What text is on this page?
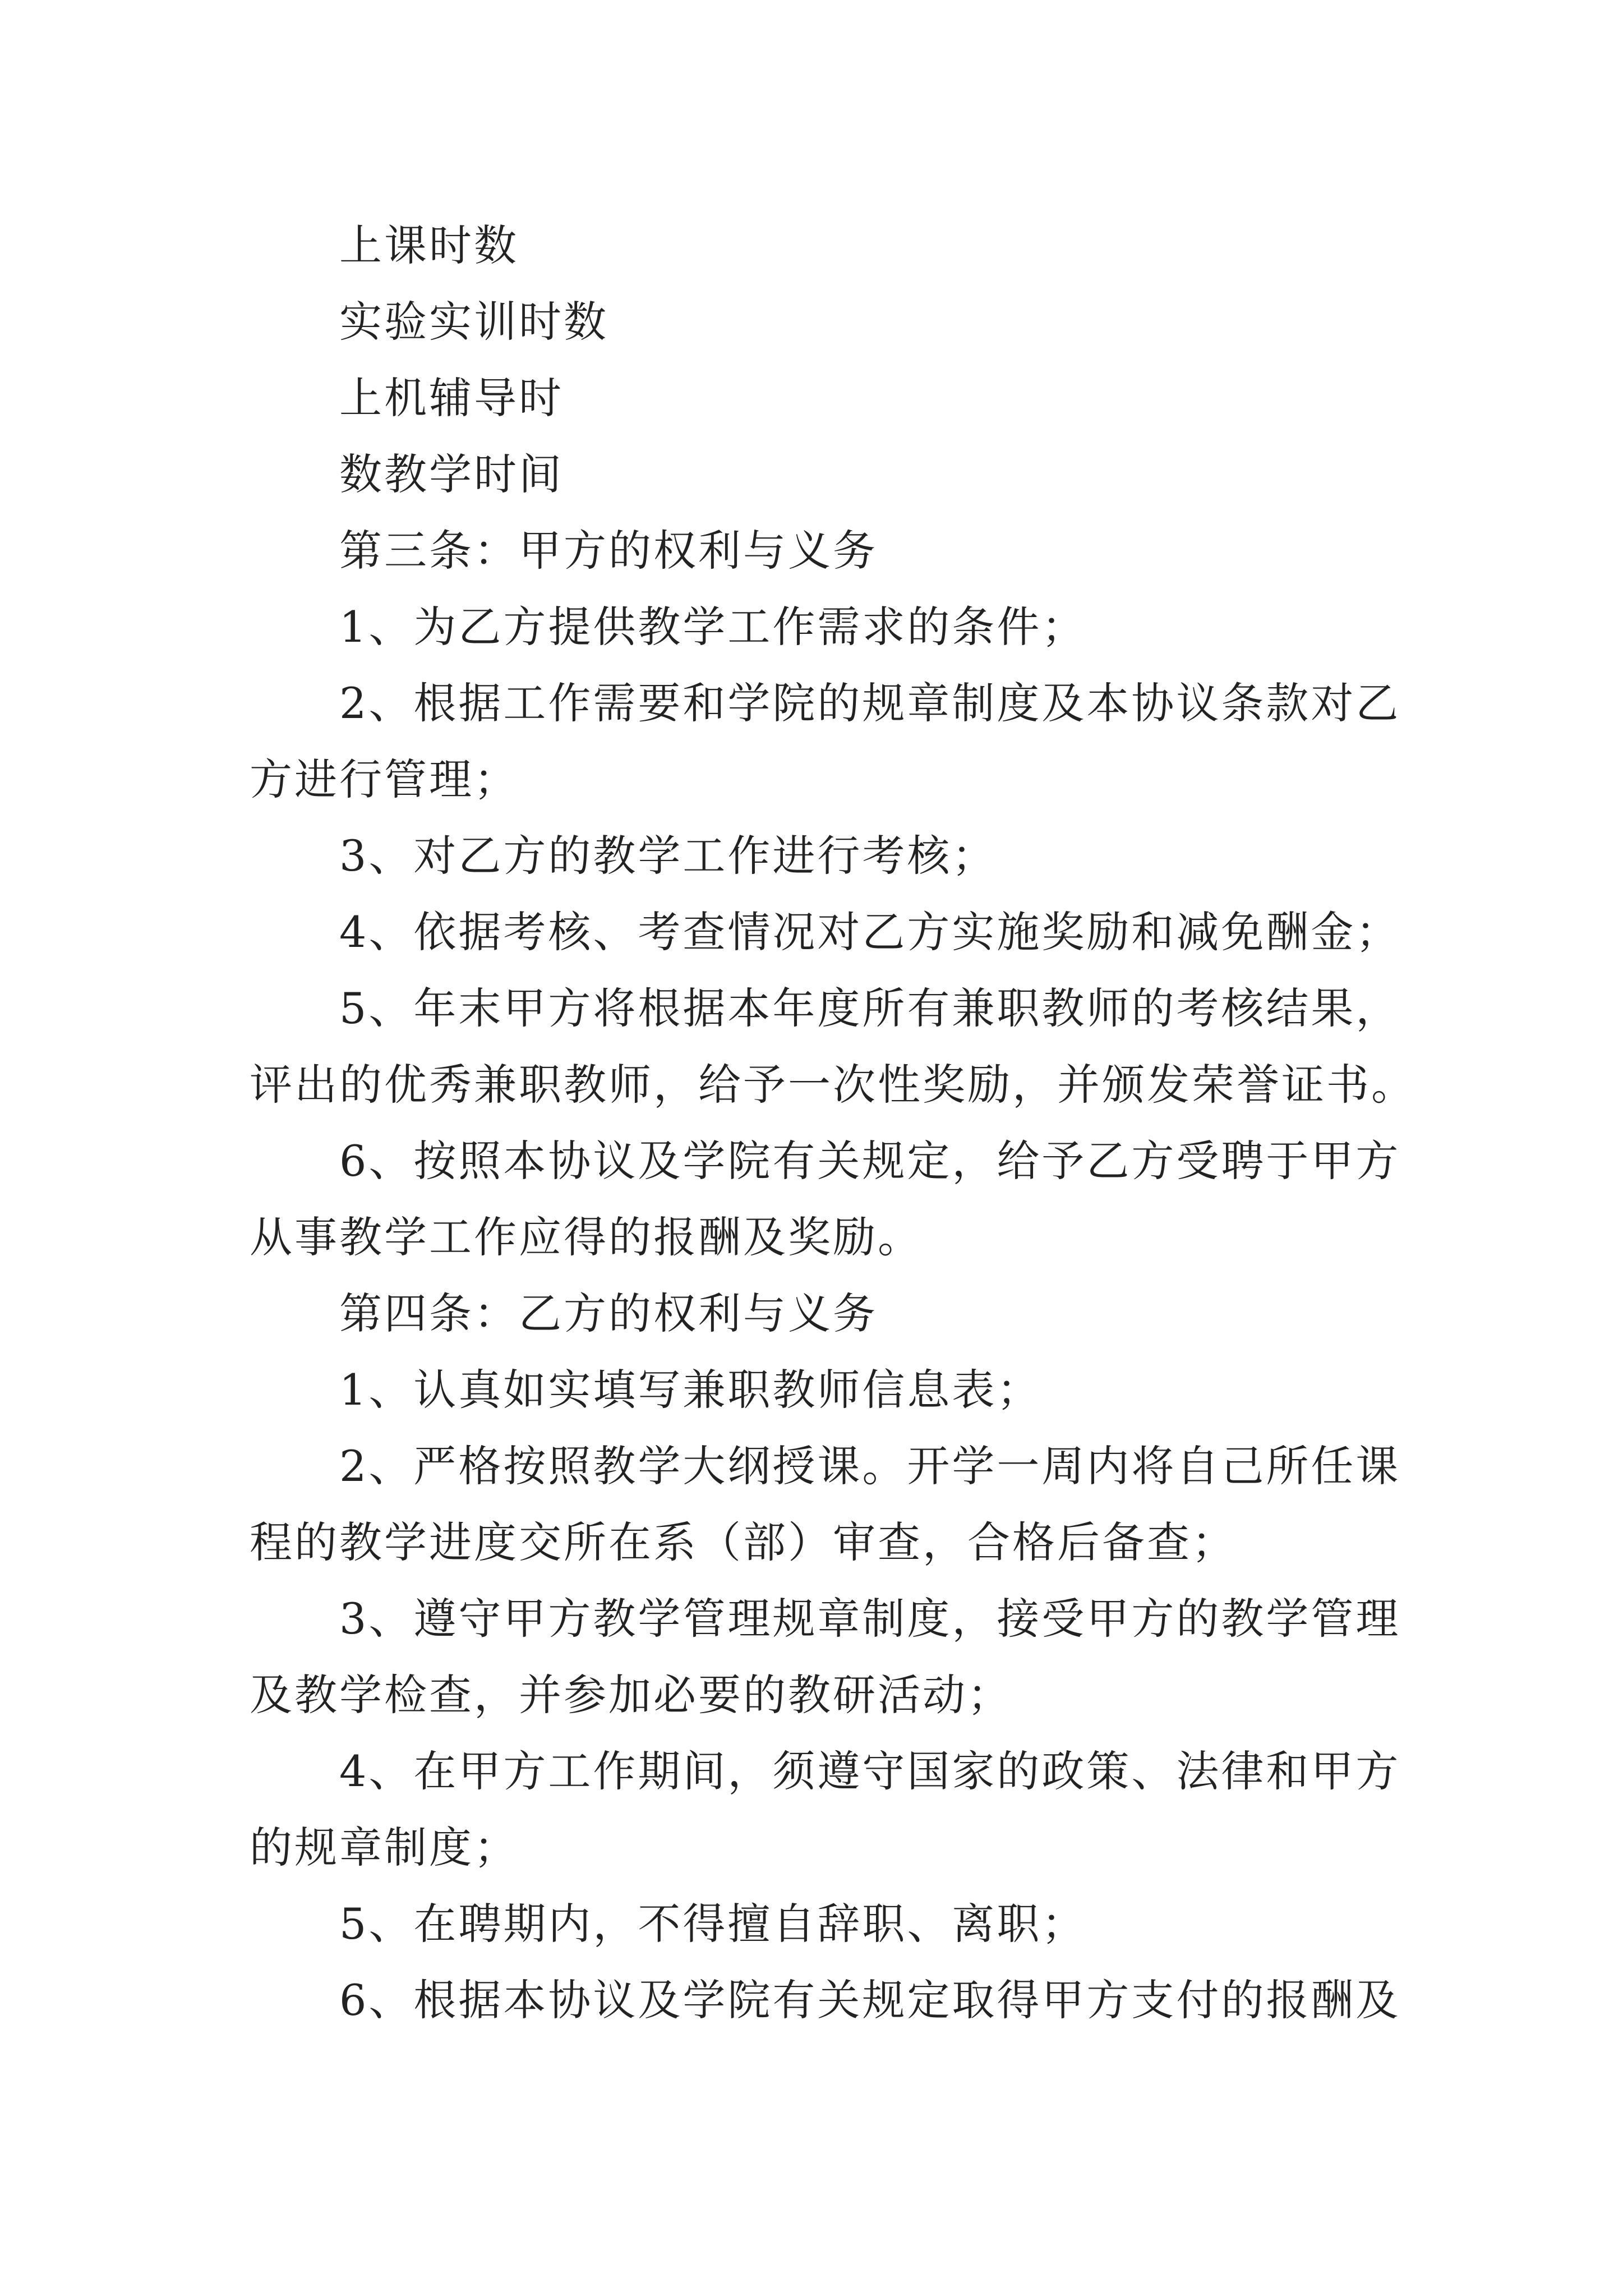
上课时数

实验实训时数

上机辅导时

数教学时间

第三条：甲方的权利与义务

1、为乙方提供教学工作需求的条件；

2、根据工作需要和学院的规章制度及本协议条款对乙

方进行管理；

3、对乙方的教学工作进行考核；

4、依据考核、考查情况对乙方实施奖励和减免酬金；

5、年末甲方将根据本年度所有兼职教师的考核结果，

评出的优秀兼职教师，给予一次性奖励，并颁发荣誉证书。

6、按照本协议及学院有关规定，给予乙方受聘于甲方

从事教学工作应得的报酬及奖励。

第四条：乙方的权利与义务

1、认真如实填写兼职教师信息表；

2、严格按照教学大纲授课。开学一周内将自己所任课

程的教学进度交所在系（部）审查，合格后备查；

3、遵守甲方教学管理规章制度，接受甲方的教学管理

及教学检查，并参加必要的教研活动；

4、在甲方工作期间，须遵守国家的政策、法律和甲方

的规章制度；

5、在聘期内，不得擅自辞职、离职；

6、根据本协议及学院有关规定取得甲方支付的报酬及
